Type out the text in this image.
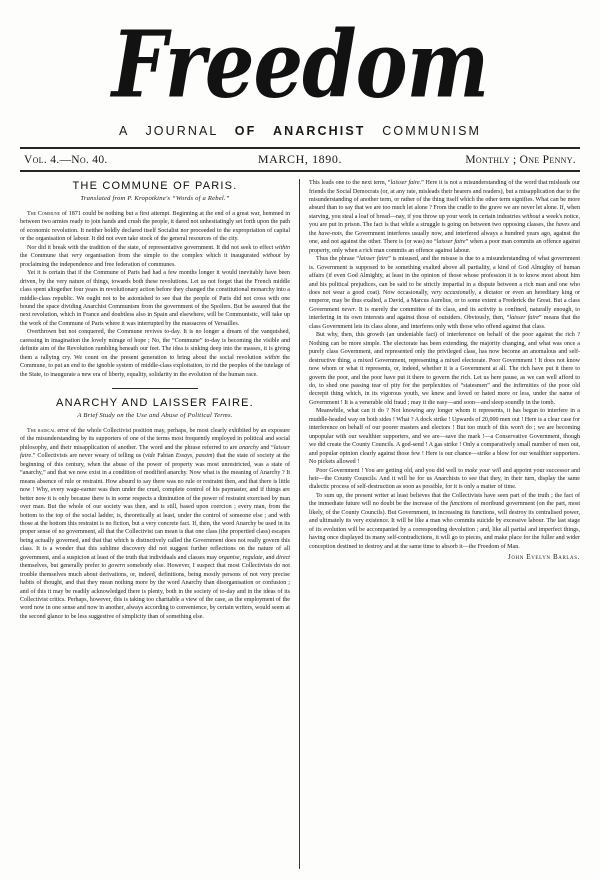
Freedom
A JOURNAL OF ANARCHIST COMMUNISM
Vol. 4.—No. 40.	MARCH, 1890.	Monthly ; One Penny.
THE COMMUNE OF PARIS.
Translated from P. Kropotkine's “Words of a Rebel.”

The Commune of 1871 could be nothing but a first attempt. Beginning at the end of a great war, hemmed in between two armies ready to join hands and crush the people, it dared not unhesitatingly set forth upon the path of economic revolution. It neither boldly declared itself Socialist nor proceeded to the expropriation of capital or the organisation of labour. It did not even take stock of the general resources of the city.

Nor did it break with the tradition of the state, of representative government. It did not seek to effect within the Commune that very organisation from the simple to the complex which it inaugurated without by proclaiming the independence and free federation of communes.

Yet it is certain that if the Commune of Paris had had a few months longer it would inevitably have been driven, by the very nature of things, towards both these revolutions. Let us not forget that the French middle class spent altogether four years in revolutionary action before they changed the constitutional monarchy into a middle-class republic. We ought not to be astonished to see that the people of Paris did not cross with one bound the space dividing Anarchist Communism from the government of the Spoilers. But be assured that the next revolution, which in France and doubtless also in Spain and elsewhere, will be Communistic, will take up the work of the Commune of Paris where it was interrupted by the massacres of Versailles.

Overthrown but not conquered, the Commune revives to-day. It is no longer a dream of the vanquished, caressing in imagination the lovely mirage of hope ; No, the “Commune” to-day is becoming the visible and definite aim of the Revolution rumbling beneath our feet. The idea is sinking deep into the masses, it is giving them a rallying cry. We count on the present generation to bring about the social revolution within the Commune, to put an end to the ignoble system of middle-class exploitation, to rid the peoples of the tutelage of the State, to inaugurate a new era of liberty, equality, solidarity in the evolution of the human race.

ANARCHY AND LAISSER FAIRE.
A Brief Study on the Use and Abuse of Political Terms.

The radical error of the whole Collectivist position may, perhaps, be most clearly exhibited by an exposure of the misunderstanding by its supporters of one of the terms most frequently employed in political and social philosophy, and their misapplication of another. The word and the phrase referred to are anarchy and “laisser faire.” Collectivists are never weary of telling us (vide Fabian Essays, passim) that the state of society at the beginning of this century, when the abuse of the power of property was most unrestricted, was a state of “anarchy,” and that we now exist in a condition of modified anarchy. Now what is the meaning of Anarchy ? It means absence of rule or restraint. How absurd to say there was no rule or restraint then, and that there is little now ! Why, every wage-earner was then under the cruel, complete control of his paymaster, and if things are better now it is only because there is in some respects a diminution of the power of restraint exercised by man over man. But the whole of our society was then, and is still, based upon coercion ; every man, from the bottom to the top of the social ladder, is, theoretically at least, under the control of someone else ; and with those at the bottom this restraint is no fiction, but a very concrete fact. If, then, the word Anarchy be used in its proper sense of no government, all that the Collectivist can mean is that one class (the propertied class) escapes being actually governed, and that that which is distinctively called the Government does not really govern this class. It is a wonder that this sublime discovery did not suggest further reflections on the nature of all government, and a suspicion at least of the truth that individuals and classes may organise, regulate, and direct themselves, but generally prefer to govern somebody else. However, I suspect that most Collectivists do not trouble themselves much about derivations, or, indeed, definitions, being mostly persons of not very precise habits of thought, and that they mean nothing more by the word Anarchy than disorganisation or confusion ; and of this it may be readily acknowledged there is plenty, both in the society of to-day and in the ideas of its Collectivist critics. Perhaps, however, this is taking too charitable a view of the case, as the employment of the word now in one sense and now in another, always according to convenience, by certain writers, would seem at the second glance to be less suggestive of simplicity than of something else.

This leads one to the next term, “laisser faire.” Here it is not a misunderstanding of the word that misleads our friends the Social Democrats (or, at any rate, misleads their hearers and readers), but a misapplication due to the misunderstanding of another term, or rather of the thing itself which the other term signifies. What can be more absurd than to say that we are too much let alone ? From the cradle to the grave we are never let alone. If, when starving, you steal a loaf of bread—nay, if you throw up your work in certain industries without a week's notice, you are put in prison. The fact is that while a struggle is going on between two opposing classes, the haves and the have-nots, the Government interferes usually now, and interfered always a hundred years ago, against the one, and not against the other. There is (or was) no “laisser faire” when a poor man commits an offence against property, only when a rich man commits an offence against labour.

Thus the phrase “laisser faire” is misused, and the misuse is due to a misunderstanding of what government is. Government is supposed to be something exalted above all partiality, a kind of God Almighty of human affairs (if even God Almighty, at least in the opinion of those whose profession it is to know most about him and his political prejudices, can be said to be strictly impartial in a dispute between a rich man and one who does not wear a good coat). Now occasionally, very occasionally, a dictator or even an hereditary king or emperor, may be thus exalted, a David, a Marcus Aurelius, or to some extent a Frederick the Great. But a class Government never. It is merely the committee of its class, and its activity is confined, naturally enough, to interfering in its own interests and against those of outsiders. Obviously, then, “laisser faire” means that the class Government lets its class alone, and interferes only with those who offend against that class.

But why, then, this growth (an undeniable fact) of interference on behalf of the poor against the rich ? Nothing can be more simple. The electorate has been extending, the majority changing, and what was once a purely class Government, and represented only the privileged class, has now become an anomalous and self-destructive thing, a mixed Government, representing a mixed electorate. Poor Government ! It does not know now whom or what it represents, or, indeed, whether it is a Government at all. The rich have put it there to govern the poor, and the poor have put it there to govern the rich. Let us here pause, as we can well afford to do, to shed one passing tear of pity for the perplexities of “statesmen” and the infirmities of the poor old decrepit thing which, in its vigorous youth, we knew and loved or hated more or less, under the name of Government ! It is a venerable old fraud ; may it die easy—and soon—and sleep soundly in the tomb.

Meanwhile, what can it do ? Not knowing any longer whom it represents, it has begun to interfere in a muddle-headed way on both sides ! What ? A dock strike ! Upwards of 20,000 men out ! Here is a clear case for interference on behalf of our poorer masters and electors ! But too much of this won't do ; we are becoming unpopular with our wealthier supporters, and we are—save the mark !—a Conservative Government, though we did create the County Councils. A god-send ! A gas strike ! Only a comparatively small number of men out, and popular opinion clearly against those few ! Here is our chance—strike a blow for our wealthier supporters. No pickets allowed !

Poor Government ! You are getting old, and you did well to make your will and appoint your successor and heir—the County Councils. And it will be for us Anarchists to see that they, in their turn, display the same dialectic process of self-destruction as soon as possible, for it is only a matter of time.

To sum up, the present writer at least believes that the Collectivists have seen part of the truth ; the fact of the immediate future will no doubt be the increase of the functions of moribund government (on the part, most likely, of the County Councils). But Government, in increasing its functions, will destroy its centralised power, and ultimately its very existence. It will be like a man who commits suicide by excessive labour. The last stage of its evolution will be accompanied by a corresponding devolution ; and, like all partial and imperfect things, having once displayed its many self-contradictions, it will go to pieces, and make place for the fuller and wider conception destined to destroy and at the same time to absorb it—the Freedom of Man.

John Evelyn Barlas.
